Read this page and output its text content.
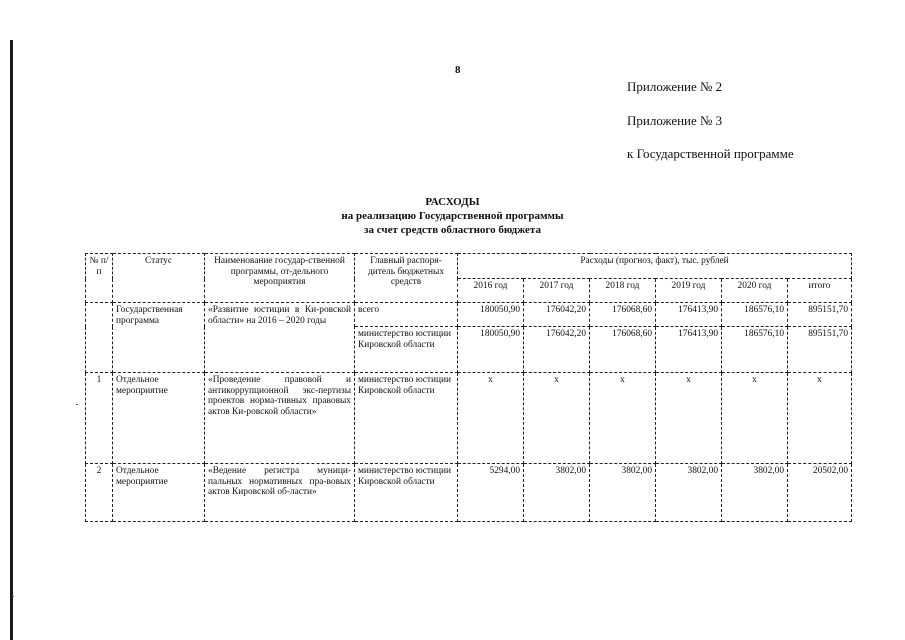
8
Приложение № 2
Приложение № 3
к Государственной программе
РАСХОДЫ
на реализацию Государственной программы
за счет средств областного бюджета
№ п/п	Статус	Наименование государ-ственной программы, от-дельного мероприятия	Главный распоря-дитель бюджетных средств	Расходы (прогноз, факт), тыс. рублей					
				2016 год	2017 год	2018 год	2019 год	2020 год	итого
	Государственная программа	«Развитие юстиции в Ки-ровской области» на 2016 – 2020 годы	всего	180050,90	176042,20	176068,60	176413,90	186576,10	895151,70
			министерство юстиции Кировской области	180050,90	176042,20	176068,60	176413,90	186576,10	895151,70
1	Отдельное мероприятие	«Проведение правовой и антикоррупционной экс-пертизы проектов норма-тивных правовых актов Ки-ровской области»	министерство юстиции Кировской области	x	x	x	x	x	x
2	Отдельное мероприятие	«Ведение регистра муници-пальных нормативных пра-вовых актов Кировской об-ласти»	министерство юстиции Кировской области	5294,00	3802,00	3802,00	3802,00	3802,00	20502,00
